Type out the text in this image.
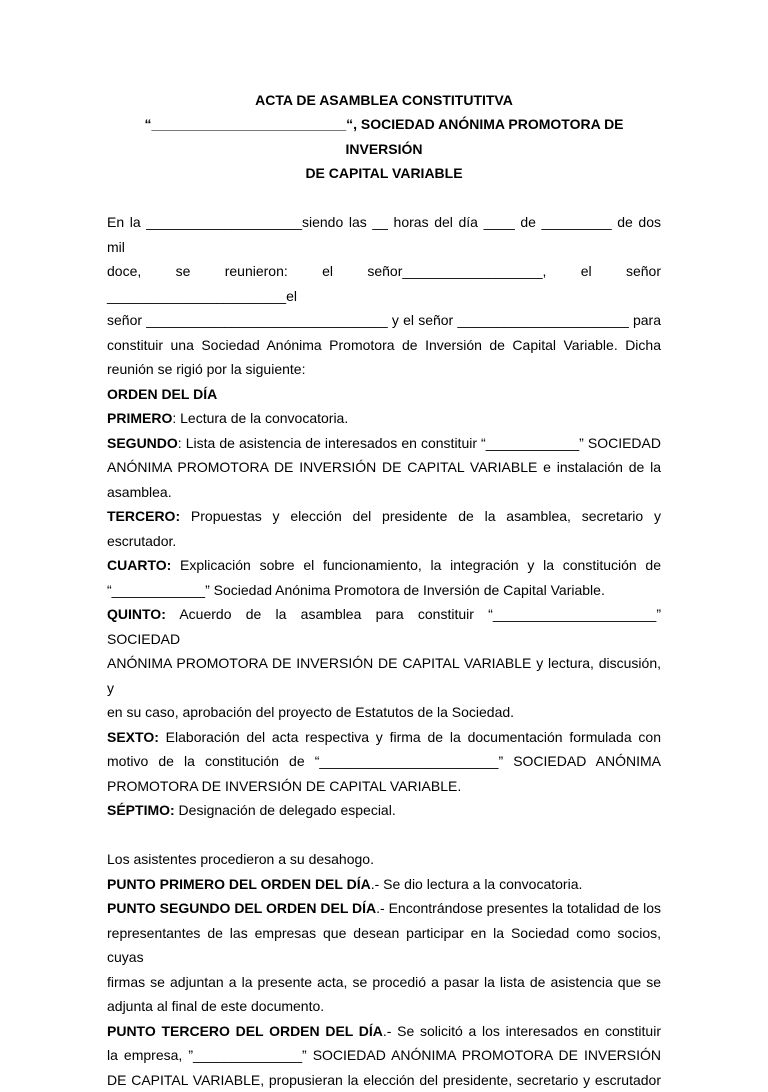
ACTA DE ASAMBLEA CONSTITUTITVA
“_________________________“, SOCIEDAD ANÓNIMA PROMOTORA DE INVERSIÓN
DE CAPITAL VARIABLE

En la ____________________siendo las __ horas del día ____ de _________ de dos mil

doce, se reunieron: el señor__________________, el señor _______________________el

señor _______________________________ y el señor ______________________ para

constituir una Sociedad Anónima Promotora de Inversión de Capital Variable. Dicha

reunión se rigió por la siguiente:

ORDEN DEL DÍA

PRIMERO: Lectura de la convocatoria.

SEGUNDO: Lista de asistencia de interesados en constituir “____________” SOCIEDAD

ANÓNIMA PROMOTORA DE INVERSIÓN DE CAPITAL VARIABLE e instalación de la

asamblea.

TERCERO: Propuestas y elección del presidente de la asamblea, secretario y escrutador.

CUARTO: Explicación sobre el funcionamiento, la integración y la constitución de

“____________” Sociedad Anónima Promotora de Inversión de Capital Variable.

QUINTO: Acuerdo de la asamblea para constituir “_____________________” SOCIEDAD

ANÓNIMA PROMOTORA DE INVERSIÓN DE CAPITAL VARIABLE y lectura, discusión, y

en su caso, aprobación del proyecto de Estatutos de la Sociedad.

SEXTO: Elaboración del acta respectiva y firma de la documentación formulada con

motivo de la constitución de “_______________________” SOCIEDAD ANÓNIMA

PROMOTORA DE INVERSIÓN DE CAPITAL VARIABLE.

SÉPTIMO: Designación de delegado especial.

Los asistentes procedieron a su desahogo.

PUNTO PRIMERO DEL ORDEN DEL DÍA.- Se dio lectura a la convocatoria.

PUNTO SEGUNDO DEL ORDEN DEL DÍA.- Encontrándose presentes la totalidad de los

representantes de las empresas que desean participar en la Sociedad como socios, cuyas

firmas se adjuntan a la presente acta, se procedió a pasar la lista de asistencia que se

adjunta al final de este documento.

PUNTO TERCERO DEL ORDEN DEL DÍA.- Se solicitó a los interesados en constituir

la empresa, ”______________” SOCIEDAD ANÓNIMA PROMOTORA DE INVERSIÓN

DE CAPITAL VARIABLE, propusieran la elección del presidente, secretario y escrutador
